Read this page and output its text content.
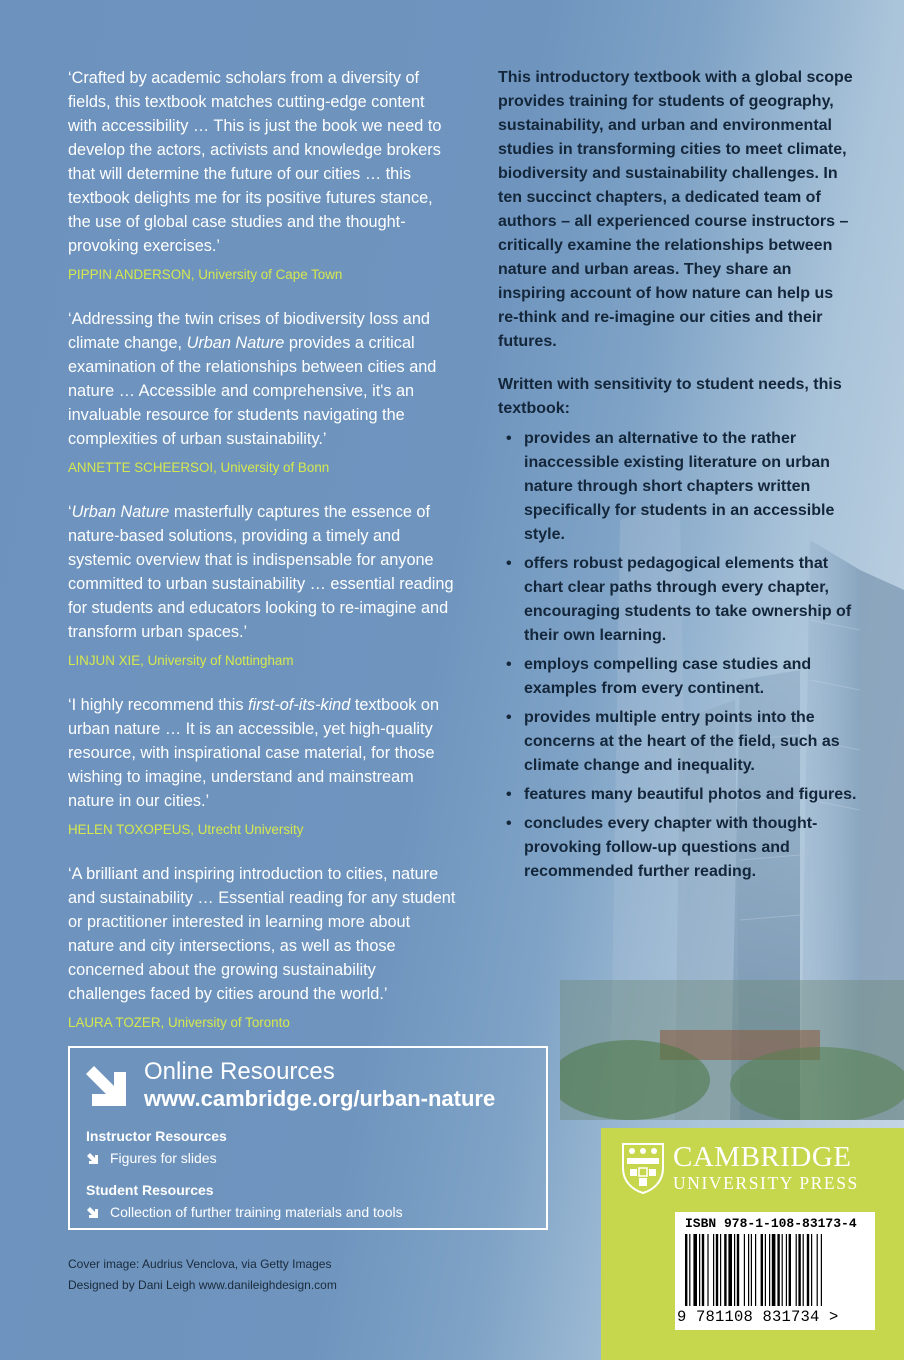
‘Crafted by academic scholars from a diversity of fields, this textbook matches cutting-edge content with accessibility … This is just the book we need to develop the actors, activists and knowledge brokers that will determine the future of our cities … this textbook delights me for its positive futures stance, the use of global case studies and the thought-provoking exercises.’

PIPPIN ANDERSON, University of Cape Town

‘Addressing the twin crises of biodiversity loss and climate change, Urban Nature provides a critical examination of the relationships between cities and nature … Accessible and comprehensive, it's an invaluable resource for students navigating the complexities of urban sustainability.’

ANNETTE SCHEERSOI, University of Bonn

‘Urban Nature masterfully captures the essence of nature-based solutions, providing a timely and systemic overview that is indispensable for anyone committed to urban sustainability … essential reading for students and educators looking to re-imagine and transform urban spaces.’

LINJUN XIE, University of Nottingham

‘I highly recommend this first-of-its-kind textbook on urban nature … It is an accessible, yet high-quality resource, with inspirational case material, for those wishing to imagine, understand and mainstream nature in our cities.’

HELEN TOXOPEUS, Utrecht University

‘A brilliant and inspiring introduction to cities, nature and sustainability … Essential reading for any student or practitioner interested in learning more about nature and city intersections, as well as those concerned about the growing sustainability challenges faced by cities around the world.’

LAURA TOZER, University of Toronto

This introductory textbook with a global scope provides training for students of geography, sustainability, and urban and environmental studies in transforming cities to meet climate, biodiversity and sustainability challenges. In ten succinct chapters, a dedicated team of authors – all experienced course instructors – critically examine the relationships between nature and urban areas. They share an inspiring account of how nature can help us re-think and re-imagine our cities and their futures.

Written with sensitivity to student needs, this textbook:

• provides an alternative to the rather inaccessible existing literature on urban nature through short chapters written specifically for students in an accessible style.
• offers robust pedagogical elements that chart clear paths through every chapter, encouraging students to take ownership of their own learning.
• employs compelling case studies and examples from every continent.
• provides multiple entry points into the concerns at the heart of the field, such as climate change and inequality.
• features many beautiful photos and figures.
• concludes every chapter with thought-provoking follow-up questions and recommended further reading.
Online Resources
www.cambridge.org/urban-nature
Instructor Resources
Figures for slides
Student Resources
Collection of further training materials and tools
Cover image: Audrius Venclova, via Getty Images
Designed by Dani Leigh www.danileighdesign.com
CAMBRIDGE
UNIVERSITY PRESS
ISBN 978-1-108-83173-4
9 781108 831734 >
